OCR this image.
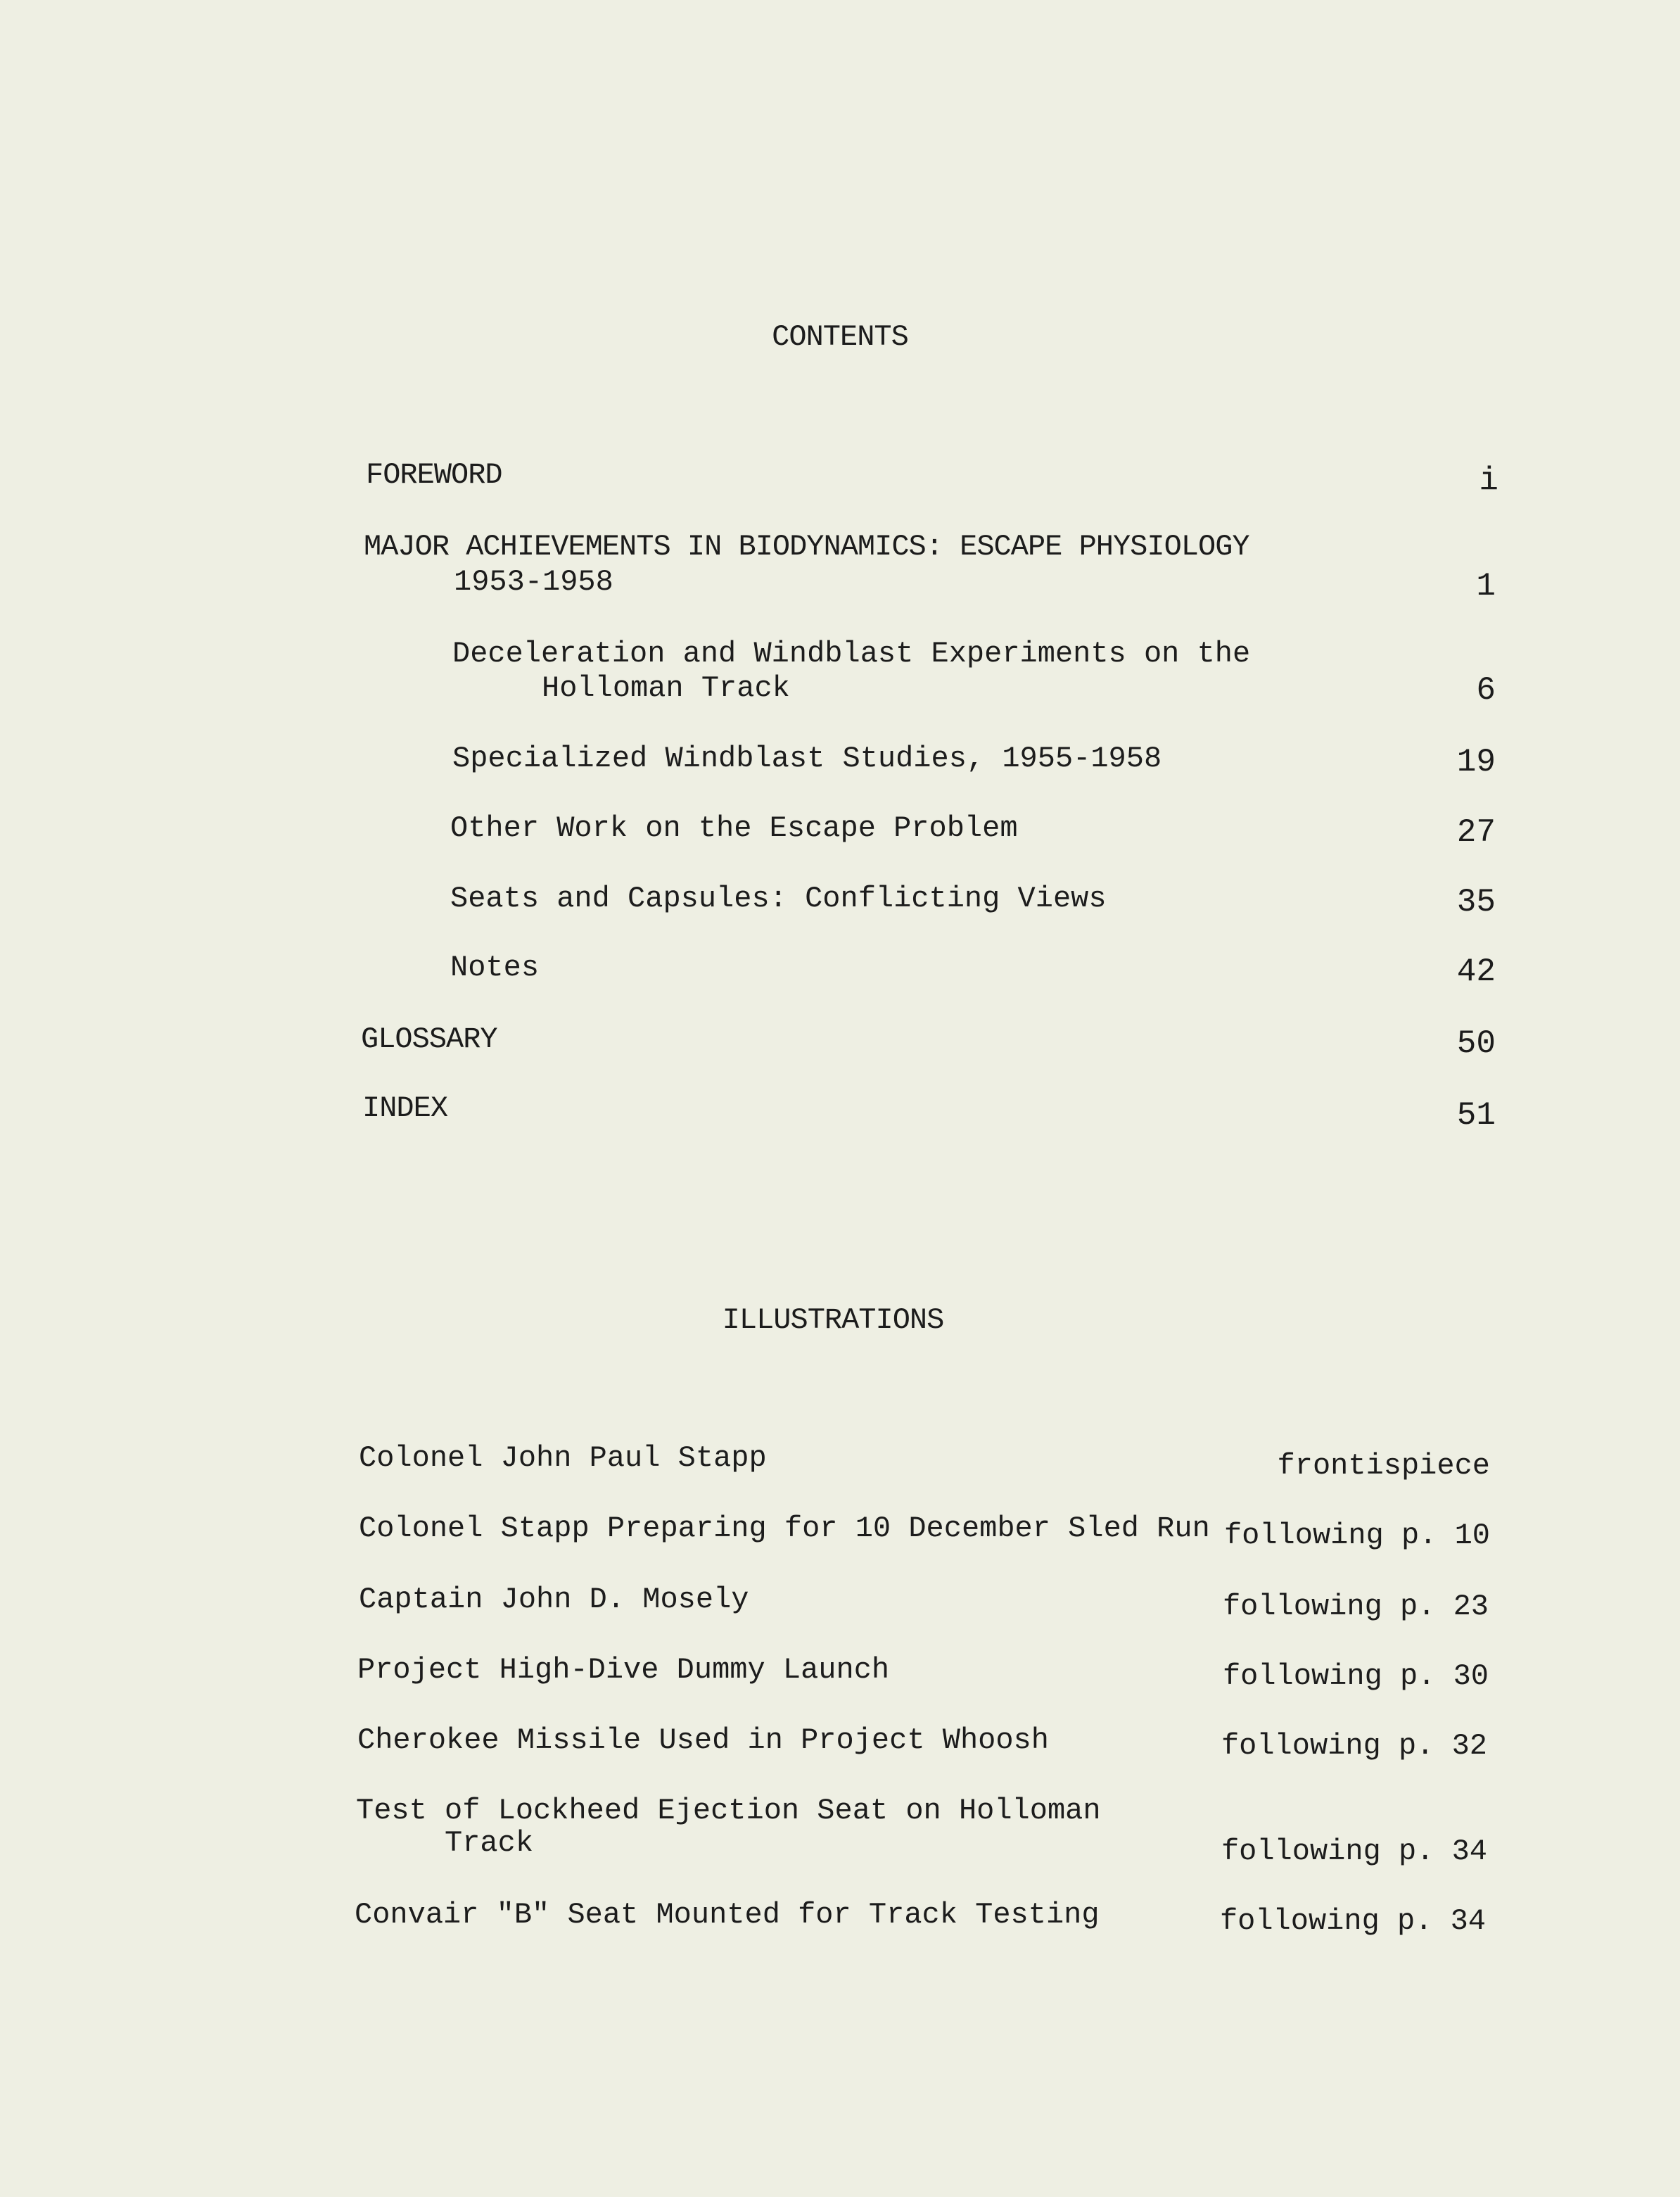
CONTENTS
FOREWORD	i
MAJOR ACHIEVEMENTS IN BIODYNAMICS: ESCAPE PHYSIOLOGY
1953-1958	1
Deceleration and Windblast Experiments on the
Holloman Track	6
Specialized Windblast Studies, 1955-1958	19
Other Work on the Escape Problem	27
Seats and Capsules: Conflicting Views	35
Notes	42
GLOSSARY	50
INDEX	51
ILLUSTRATIONS
Colonel John Paul Stapp	frontispiece
Colonel Stapp Preparing for 10 December Sled Run following p. 10
Captain John D. Mosely	following p. 23
Project High-Dive Dummy Launch	following p. 30
Cherokee Missile Used in Project Whoosh	following p. 32
Test of Lockheed Ejection Seat on Holloman
Track	following p. 34
Convair "B" Seat Mounted for Track Testing	following p. 34
